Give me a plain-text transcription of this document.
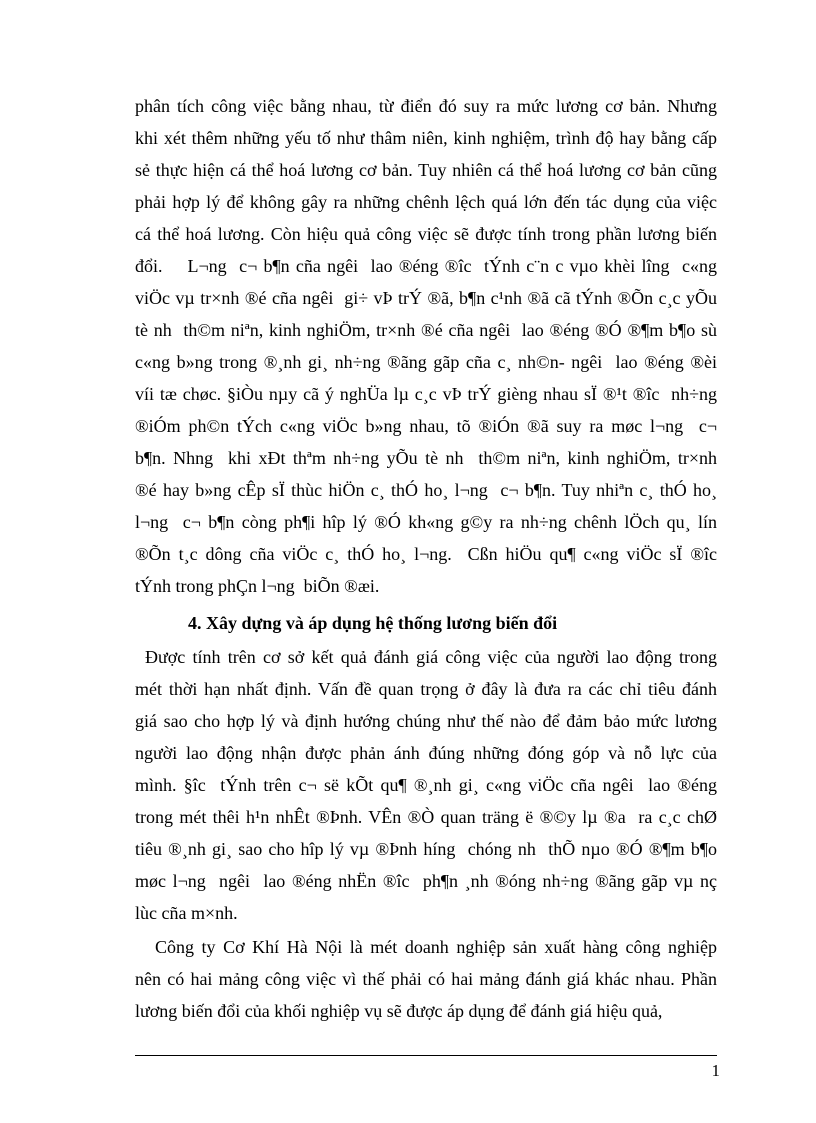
phân tích công việc bằng nhau, từ điển đó suy ra mức lương cơ bản. Nhưng
khi xét thêm những yếu tố như thâm niên, kinh nghiệm, trình độ hay bằng cấp
sẻ thực hiện cá thể hoá lương cơ bản. Tuy nhiên cá thể hoá lương cơ bản cũng
phải hợp lý để không gây ra những chênh lệch quá lớn đến tác dụng của việc
cá thể hoá lương. Còn hiệu quả công việc sẽ được tính trong phần lương biến
đổi.    L¬ng  c¬ b¶n cña ngêi  lao ®éng ®îc  tÝnh c¨n c vµo khèi lîng  c«ng
viÖc vµ tr×nh ®é cña ngêi  gi÷ vÞ trÝ ®ã, b¶n c¹nh ®ã cã tÝnh ®Õn c¸c yÕu
tè nh  th©m niªn, kinh nghiÖm, tr×nh ®é cña ngêi  lao ®éng ®Ó ®¶m b¶o sù
c«ng b»ng trong ®¸nh gi¸ nh÷ng ®ãng gãp cña c¸ nh©n- ngêi  lao ®éng ®èi
víi tæ chøc. §iÒu nµy cã ý nghÜa lµ c¸c vÞ trÝ gièng nhau sÏ ®¹t ®îc  nh÷ng
®iÓm ph©n tÝch c«ng viÖc b»ng nhau, tõ ®iÓn ®ã suy ra møc l¬ng  c¬
b¶n. Nhng  khi xÐt thªm nh÷ng yÕu tè nh  th©m niªn, kinh nghiÖm, tr×nh
®é hay b»ng cÊp sÏ thùc hiÖn c¸ thÓ ho¸ l¬ng  c¬ b¶n. Tuy nhiªn c¸ thÓ ho¸
l¬ng  c¬ b¶n còng ph¶i hîp lý ®Ó kh«ng g©y ra nh÷ng chênh lÖch qu¸ lín
®Õn t¸c dông cña viÖc c¸ thÓ ho¸ l¬ng.  Cßn hiÖu qu¶ c«ng viÖc sÏ ®îc
tÝnh trong phÇn l¬ng  biÕn ®æi.
4. Xây dựng và áp dụng hệ thống lương biến đổi
Được tính trên cơ sở kết quả đánh giá công việc của người lao động trong
mét thời hạn nhất định. Vấn đề quan trọng ở đây là đưa ra các chỉ tiêu đánh
giá sao cho hợp lý và định hướng chúng như thế nào để đảm bảo mức lương
người lao động nhận được phản ánh đúng những đóng góp và nỗ lực của
mình. §îc  tÝnh trên c¬ së kÕt qu¶ ®¸nh gi¸ c«ng viÖc cña ngêi  lao ®éng
trong mét thêi h¹n nhÊt ®Þnh. VÊn ®Ò quan träng ë ®©y lµ ®a  ra c¸c chØ
tiêu ®¸nh gi¸ sao cho hîp lý vµ ®Þnh híng  chóng nh  thÕ nµo ®Ó ®¶m b¶o
møc l¬ng  ngêi  lao ®éng nhËn ®îc  ph¶n ¸nh ®óng nh÷ng ®ãng gãp vµ nç
lùc cña m×nh.
Công ty Cơ Khí Hà Nội là mét doanh nghiệp sản xuất hàng công nghiệp
nên có hai mảng công việc vì thế phải có hai mảng đánh giá khác nhau. Phần
lương biến đổi của khối nghiệp vụ sẽ được áp dụng để đánh giá hiệu quả,
1
